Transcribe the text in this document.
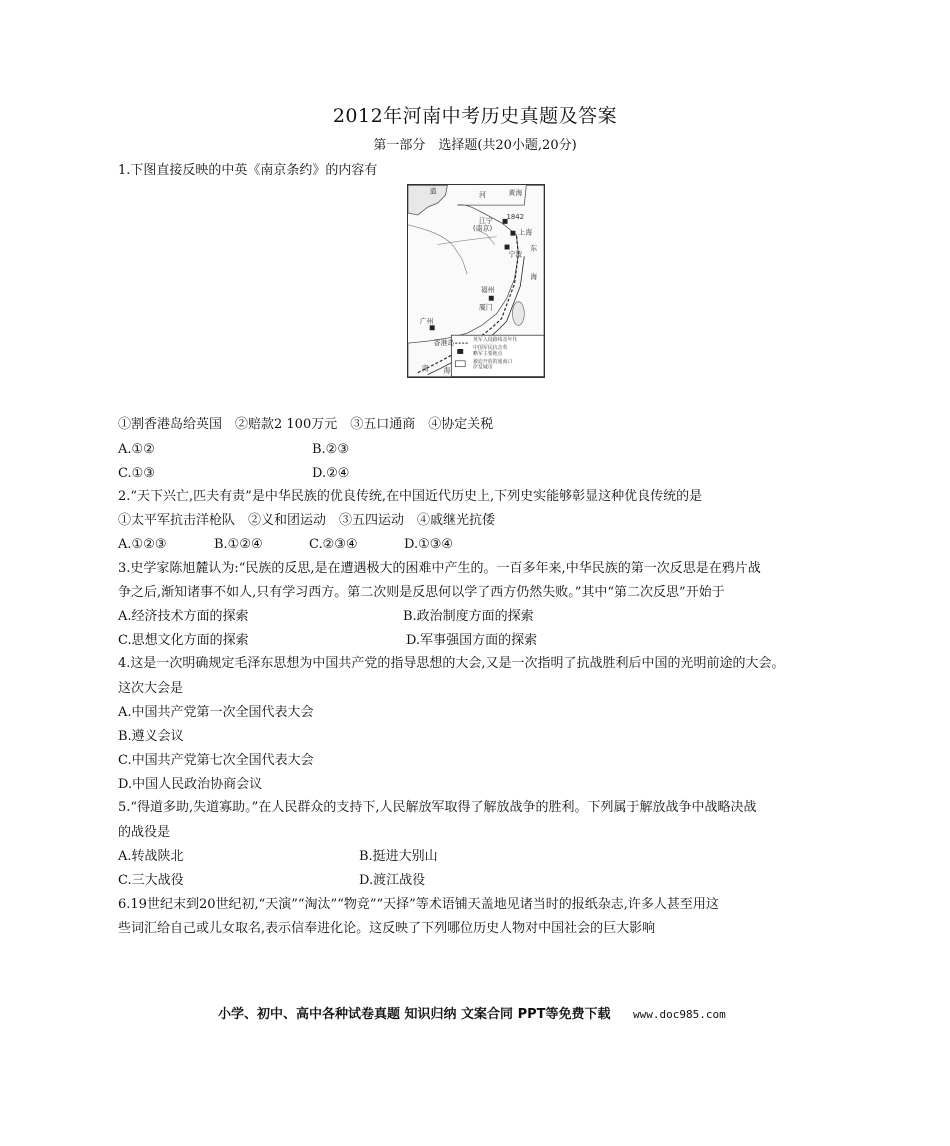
2012年河南中考历史真题及答案
第一部分　选择题(共20小题,20分)
1.下图直接反映的中英《南京条约》的内容有
道	河	黄海
江宁
(南京)
1842
上海
宁波
东
海
福州
厦门
广州
香港岛
南 海
英军入侵路线及年代
中国军民抗击英
略军主要地点
被迫开放的通商口
岸及城市
①割香港岛给英国　②赔款2 100万元　③五口通商　④协定关税
A.①②	B.②③
C.①③	D.②④
2.“天下兴亡,匹夫有责”是中华民族的优良传统,在中国近代历史上,下列史实能够彰显这种优良传统的是
①太平军抗击洋枪队　②义和团运动　③五四运动　④戚继光抗倭
A.①②③	B.①②④	C.②③④	D.①③④
3.史学家陈旭麓认为:“民族的反思,是在遭遇极大的困难中产生的。一百多年来,中华民族的第一次反思是在鸦片战
争之后,渐知诸事不如人,只有学习西方。第二次则是反思何以学了西方仍然失败。”其中“第二次反思”开始于
A.经济技术方面的探索	B.政治制度方面的探索
C.思想文化方面的探索	D.军事强国方面的探索
4.这是一次明确规定毛泽东思想为中国共产党的指导思想的大会,又是一次指明了抗战胜利后中国的光明前途的大会。
这次大会是
A.中国共产党第一次全国代表大会
B.遵义会议
C.中国共产党第七次全国代表大会
D.中国人民政治协商会议
5.“得道多助,失道寡助。”在人民群众的支持下,人民解放军取得了解放战争的胜利。下列属于解放战争中战略决战
的战役是
A.转战陕北	B.挺进大别山
C.三大战役	D.渡江战役
6.19世纪末到20世纪初,“天演”“淘汰”“物竞”“天择”等术语铺天盖地见诸当时的报纸杂志,许多人甚至用这
些词汇给自己或儿女取名,表示信奉进化论。这反映了下列哪位历史人物对中国社会的巨大影响
小学、初中、高中各种试卷真题 知识归纳 文案合同 PPT等免费下载 www.doc985.com
